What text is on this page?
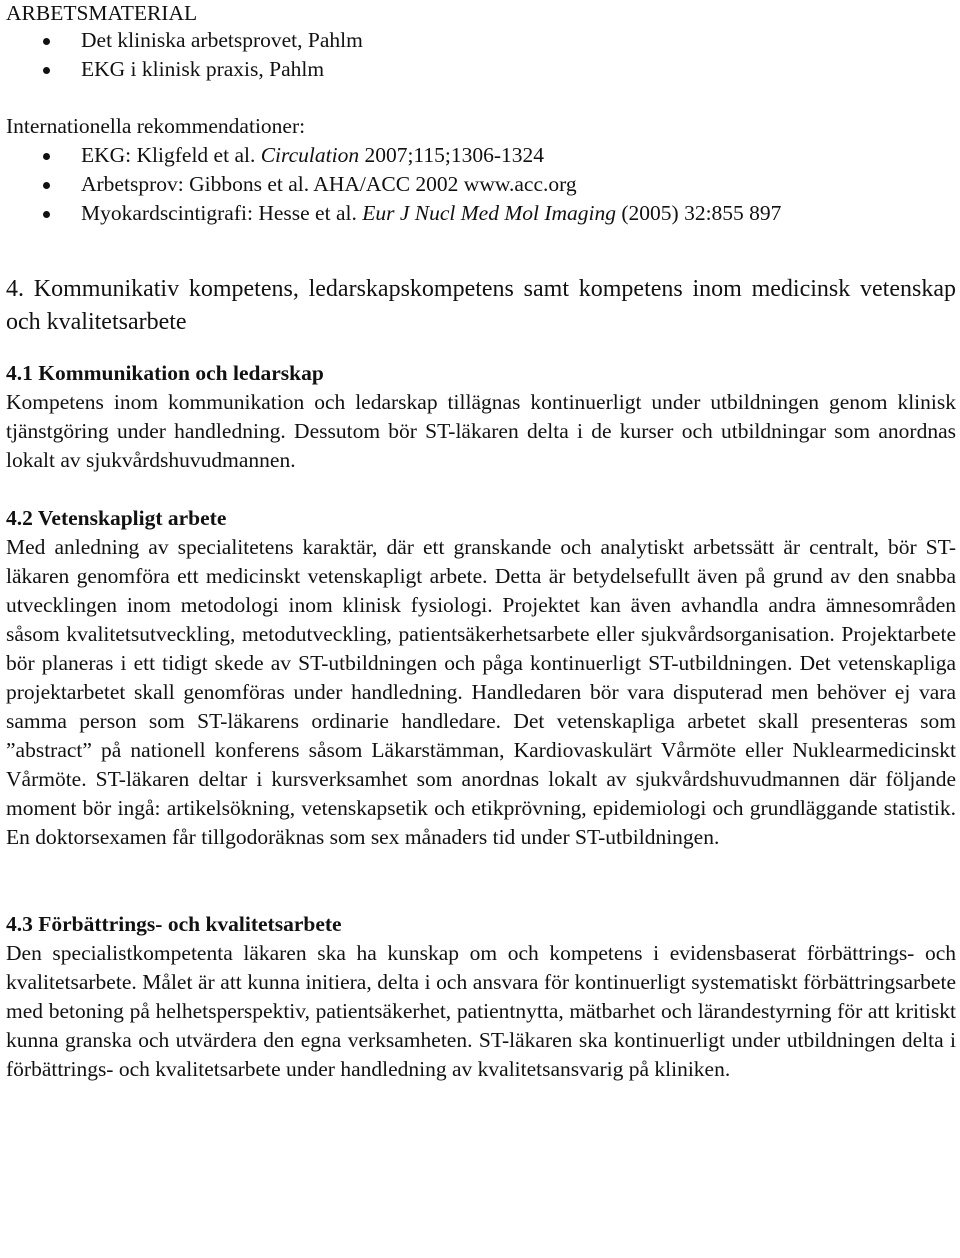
ARBETSMATERIAL
Det kliniska arbetsprovet, Pahlm
EKG i klinisk praxis, Pahlm
Internationella rekommendationer:
EKG: Kligfeld et al. Circulation 2007;115;1306-1324
Arbetsprov: Gibbons et al. AHA/ACC 2002 www.acc.org
Myokardscintigrafi: Hesse et al. Eur J Nucl Med Mol Imaging (2005) 32:855 897
4. Kommunikativ kompetens, ledarskapskompetens samt kompetens inom medicinsk vetenskap och kvalitetsarbete
4.1 Kommunikation och ledarskap

Kompetens inom kommunikation och ledarskap tillägnas kontinuerligt under utbildningen genom klinisk tjänstgöring under handledning. Dessutom bör ST-läkaren delta i de kurser och utbildningar som anordnas lokalt av sjukvårdshuvudmannen.

4.2 Vetenskapligt arbete

Med anledning av specialitetens karaktär, där ett granskande och analytiskt arbetssätt är centralt, bör ST-läkaren genomföra ett medicinskt vetenskapligt arbete. Detta är betydelsefullt även på grund av den snabba utvecklingen inom metodologi inom klinisk fysiologi. Projektet kan även avhandla andra ämnesområden såsom kvalitetsutveckling, metodutveckling, patientsäkerhetsarbete eller sjukvårdsorganisation. Projektarbete bör planeras i ett tidigt skede av ST-utbildningen och påga kontinuerligt ST-utbildningen. Det vetenskapliga projektarbetet skall genomföras under handledning. Handledaren bör vara disputerad men behöver ej vara samma person som ST-läkarens ordinarie handledare. Det vetenskapliga arbetet skall presenteras som ”abstract” på nationell konferens såsom Läkarstämman, Kardiovaskulärt Vårmöte eller Nuklearmedicinskt Vårmöte. ST-läkaren deltar i kursverksamhet som anordnas lokalt av sjukvårdshuvudmannen där följande moment bör ingå: artikelsökning, vetenskapsetik och etikprövning, epidemiologi och grundläggande statistik. En doktorsexamen får tillgodoräknas som sex månaders tid under ST-utbildningen.

4.3 Förbättrings- och kvalitetsarbete

Den specialistkompetenta läkaren ska ha kunskap om och kompetens i evidensbaserat förbättrings- och kvalitetsarbete. Målet är att kunna initiera, delta i och ansvara för kontinuerligt systematiskt förbättringsarbete med betoning på helhetsperspektiv, patientsäkerhet, patientnytta, mätbarhet och lärandestyrning för att kritiskt kunna granska och utvärdera den egna verksamheten. ST-läkaren ska kontinuerligt under utbildningen delta i förbättrings- och kvalitetsarbete under handledning av kvalitetsansvarig på kliniken.
